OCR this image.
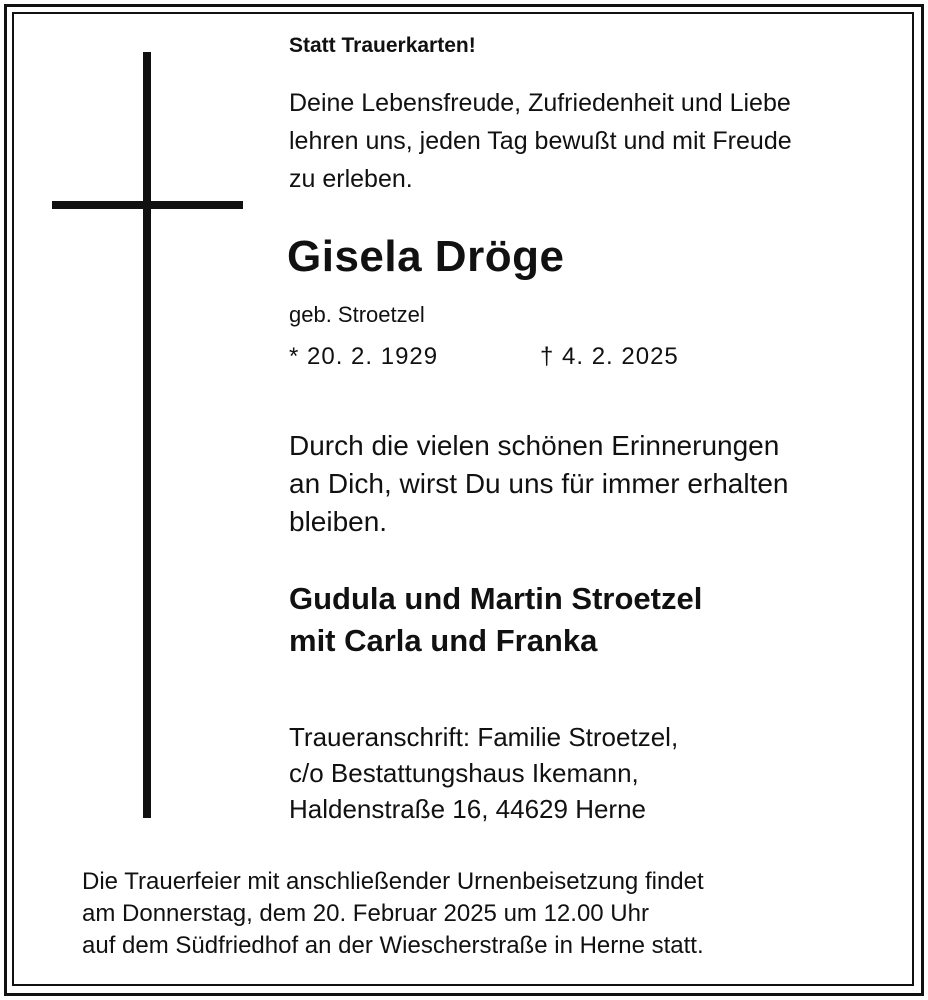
Statt Trauerkarten!

Deine Lebensfreude, Zufriedenheit und Liebe
lehren uns, jeden Tag bewußt und mit Freude
zu erleben.
Gisela Dröge

geb. Stroetzel

* 20. 2. 1929	† 4. 2. 2025

Durch die vielen schönen Erinnerungen
an Dich, wirst Du uns für immer erhalten
bleiben.
Gudula und Martin Stroetzel
mit Carla und Franka
Traueranschrift: Familie Stroetzel,
c/o Bestattungshaus Ikemann,
Haldenstraße 16, 44629 Herne
Die Trauerfeier mit anschließender Urnenbeisetzung findet
am Donnerstag, dem 20. Februar 2025 um 12.00 Uhr
auf dem Südfriedhof an der Wiescherstraße in Herne statt.
